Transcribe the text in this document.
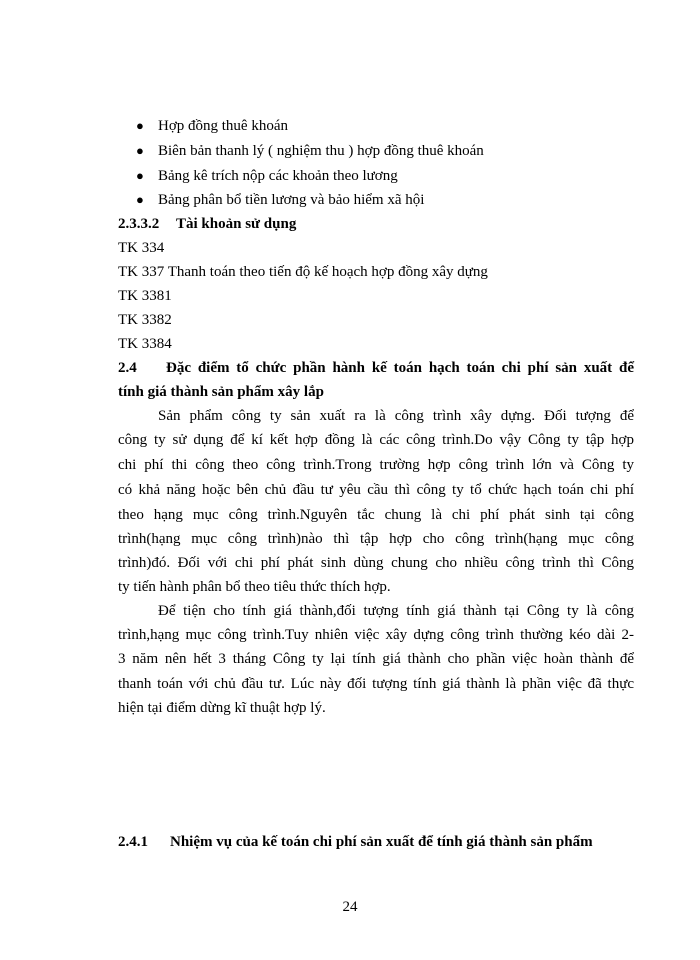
● Hợp đồng thuê khoán
● Biên bản thanh lý ( nghiệm thu ) hợp đồng thuê khoán
● Bảng kê trích nộp các khoản theo lương
● Bảng phân bổ tiền lương và bảo hiểm xã hội
2.3.3.2 Tài khoản sử dụng
TK 334
TK 337 Thanh toán theo tiến độ kế hoạch hợp đồng xây dựng
TK 3381
TK 3382
TK 3384
2.4 Đặc điểm tổ chức phần hành kế toán hạch toán chi phí sản xuất để
tính giá thành sản phẩm xây lắp
Sản phẩm công ty sản xuất ra là công trình xây dựng. Đối tượng để
công ty sử dụng để kí kết hợp đồng là các công trình.Do vậy Công ty tập hợp
chi phí thi công theo công trình.Trong trường hợp công trình lớn và Công ty
có khả năng hoặc bên chủ đầu tư yêu cầu thì công ty tổ chức hạch toán chi phí
theo hạng mục công trình.Nguyên tắc chung là chi phí phát sinh tại công
trình(hạng mục công trình)nào thì tập hợp cho công trình(hạng mục công
trình)đó. Đối với chi phí phát sinh dùng chung cho nhiều công trình thì Công
ty tiến hành phân bổ theo tiêu thức thích hợp.
Để tiện cho tính giá thành,đối tượng tính giá thành tại Công ty là công
trình,hạng mục công trình.Tuy nhiên việc xây dựng công trình thường kéo dài 2-
3 năm nên hết 3 tháng Công ty lại tính giá thành cho phần việc hoàn thành để
thanh toán với chủ đầu tư. Lúc này đối tượng tính giá thành là phần việc đã thực
hiện tại điểm dừng kĩ thuật hợp lý.
2.4.1 Nhiệm vụ của kế toán chi phí sản xuất để tính giá thành sản phẩm
24
